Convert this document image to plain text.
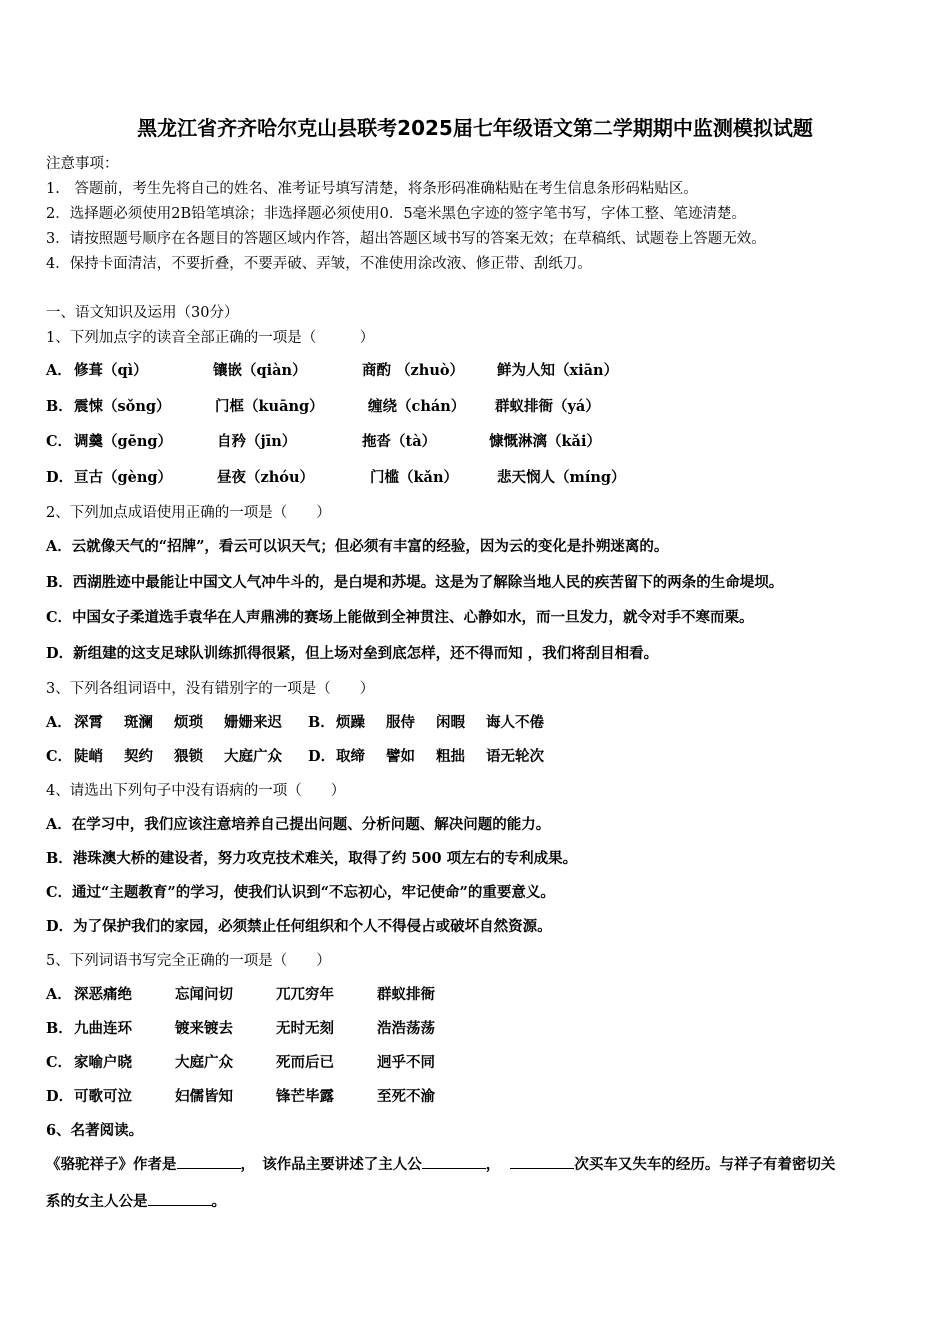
黑龙江省齐齐哈尔克山县联考2025届七年级语文第二学期期中监测模拟试题
注意事项：
1.　答题前，考生先将自己的姓名、准考证号填写清楚，将条形码准确粘贴在考生信息条形码粘贴区。
2．选择题必须使用2B铅笔填涂；非选择题必须使用0．5毫米黑色字迹的签字笔书写，字体工整、笔迹清楚。
3．请按照题号顺序在各题目的答题区域内作答，超出答题区域书写的答案无效；在草稿纸、试题卷上答题无效。
4．保持卡面清洁，不要折叠，不要弄破、弄皱，不准使用涂改液、修正带、刮纸刀。
一、语文知识及运用（30分）
1、下列加点字的读音全部正确的一项是（　　　）
A． 修葺（qì）	镶嵌（qiàn）	商酌 （zhuò） 鲜为人知（xiān）
B．震悚（sǒng）	门框（kuāng）	缠绕（chán） 群蚁排衙（yá）
C． 调羹（gēng）	自矜（jīn）	拖沓（tà）	慷慨淋漓（kǎi）
D．亘古（gèng）	昼夜（zhóu）	门槛（kǎn）	悲天悯人（míng）
2、下列加点成语使用正确的一项是（　　）
A．云就像天气的“招牌”，看云可以识天气；但必须有丰富的经验，因为云的变化是扑朔迷离的。
B．西湖胜迹中最能让中国文人气冲牛斗的，是白堤和苏堤。这是为了解除当地人民的疾苦留下的两条的生命堤坝。
C．中国女子柔道选手袁华在人声鼎沸的赛场上能做到全神贯注、心静如水，而一旦发力，就令对手不寒而栗。
D．新组建的这支足球队训练抓得很紧，但上场对垒到底怎样，还不得而知 ，我们将刮目相看。
3、下列各组词语中，没有错别字的一项是（　　）
A． 深霄 斑澜 烦琐 姗姗来迟 B．烦躁 服侍 闲暇 诲人不倦
C． 陡峭 契约 猥锁 大庭广众 D．取缔 譬如 粗拙 语无轮次
4、请选出下列句子中没有语病的一项（　　）
A．在学习中，我们应该注意培养自己提出问题、分析问题、解决问题的能力。
B．港珠澳大桥的建设者，努力攻克技术难关，取得了约 500 项左右的专利成果。
C．通过“主题教育”的学习，使我们认识到“不忘初心，牢记使命”的重要意义。
D．为了保护我们的家园，必须禁止任何组织和个人不得侵占或破坏自然资源。
5、下列词语书写完全正确的一项是（　　）
A． 深恶痛绝	忘闻问切	兀兀穷年	群蚁排衙
B．九曲连环	镀来镀去	无时无刻	浩浩荡荡
C． 家喻户晓	大庭广众	死而后已	迥乎不同
D．可歌可泣	妇儒皆知	锋芒毕露	至死不渝
6、名著阅读。
《骆驼祥子》作者是	，　该作品主要讲述了主人公	，	次买车又失车的经历。与祥子有着密切关
系的女主人公是	。
